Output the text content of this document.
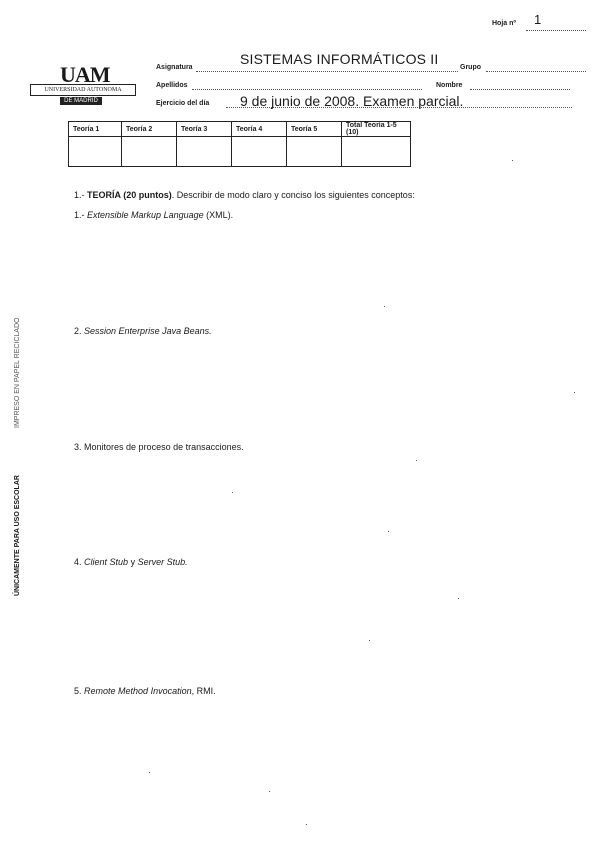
Hoja nº 1
UAM
UNIVERSIDAD AUTONOMA
DE MADRID
Asignatura
SISTEMAS INFORMÁTICOS II
Grupo
Apellidos	Nombre
Ejercicio del día 9 de junio de 2008. Examen parcial.
Teoría 1	Teoría 2	Teoría 3	Teoría 4	Teoría 5	Total Teoría 1-5 (10)

1.- TEORÍA (20 puntos). Describir de modo claro y conciso los siguientes conceptos:
1.- Extensible Markup Language (XML).
2. Session Enterprise Java Beans.
3. Monitores de proceso de transacciones.
4. Client Stub y Server Stub.
5. Remote Method Invocation, RMI.
IMPRESO EN PAPEL RECICLADO
ÚNICAMENTE PARA USO ESCOLAR
